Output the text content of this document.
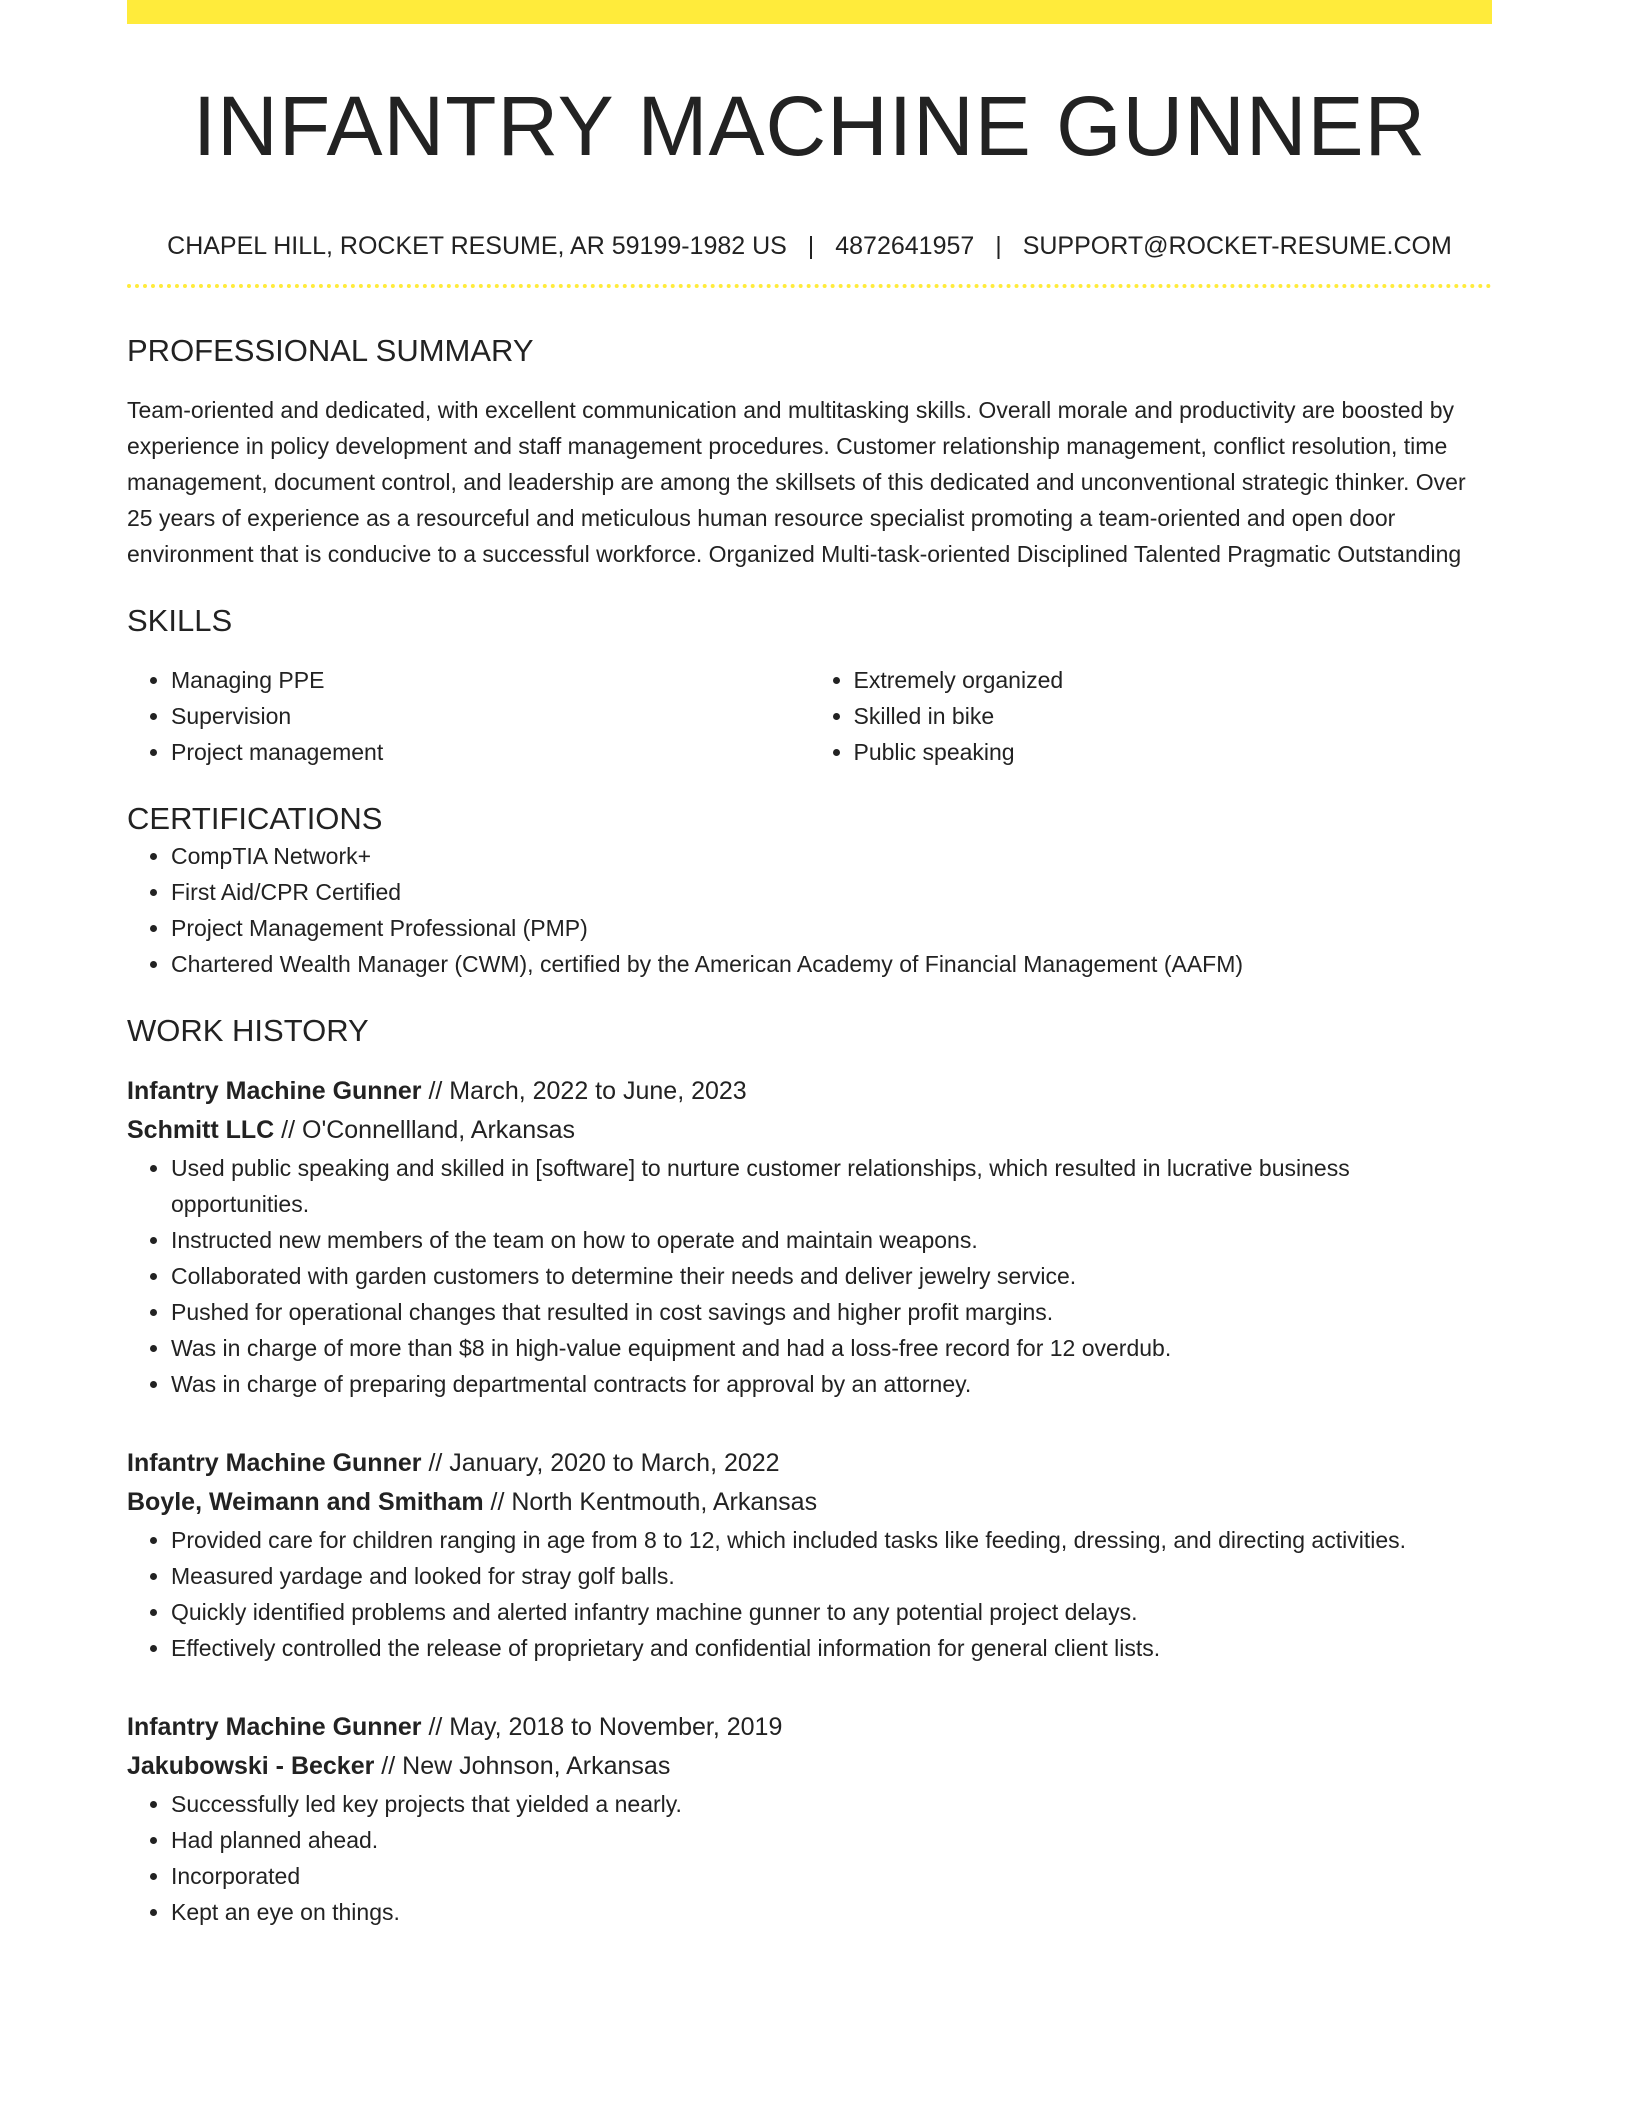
INFANTRY MACHINE GUNNER
CHAPEL HILL, ROCKET RESUME, AR 59199-1982 US | 4872641957 | SUPPORT@ROCKET-RESUME.COM
PROFESSIONAL SUMMARY

Team-oriented and dedicated, with excellent communication and multitasking skills. Overall morale and productivity are boosted by experience in policy development and staff management procedures. Customer relationship management, conflict resolution, time management, document control, and leadership are among the skillsets of this dedicated and unconventional strategic thinker. Over 25 years of experience as a resourceful and meticulous human resource specialist promoting a team-oriented and open door environment that is conducive to a successful workforce. Organized Multi-task-oriented Disciplined Talented Pragmatic Outstanding

SKILLS
• Managing PPE
• Supervision
• Project management
• Extremely organized
• Skilled in bike
• Public speaking
CERTIFICATIONS
• CompTIA Network+
• First Aid/CPR Certified
• Project Management Professional (PMP)
• Chartered Wealth Manager (CWM), certified by the American Academy of Financial Management (AAFM)
WORK HISTORY
Infantry Machine Gunner // March, 2022 to June, 2023
Schmitt LLC // O'Connellland, Arkansas
• Used public speaking and skilled in [software] to nurture customer relationships, which resulted in lucrative business opportunities.
• Instructed new members of the team on how to operate and maintain weapons.
• Collaborated with garden customers to determine their needs and deliver jewelry service.
• Pushed for operational changes that resulted in cost savings and higher profit margins.
• Was in charge of more than $8 in high-value equipment and had a loss-free record for 12 overdub.
• Was in charge of preparing departmental contracts for approval by an attorney.
Infantry Machine Gunner // January, 2020 to March, 2022
Boyle, Weimann and Smitham // North Kentmouth, Arkansas
• Provided care for children ranging in age from 8 to 12, which included tasks like feeding, dressing, and directing activities.
• Measured yardage and looked for stray golf balls.
• Quickly identified problems and alerted infantry machine gunner to any potential project delays.
• Effectively controlled the release of proprietary and confidential information for general client lists.
Infantry Machine Gunner // May, 2018 to November, 2019
Jakubowski - Becker // New Johnson, Arkansas
• Successfully led key projects that yielded a nearly.
• Had planned ahead.
• Incorporated
• Kept an eye on things.
